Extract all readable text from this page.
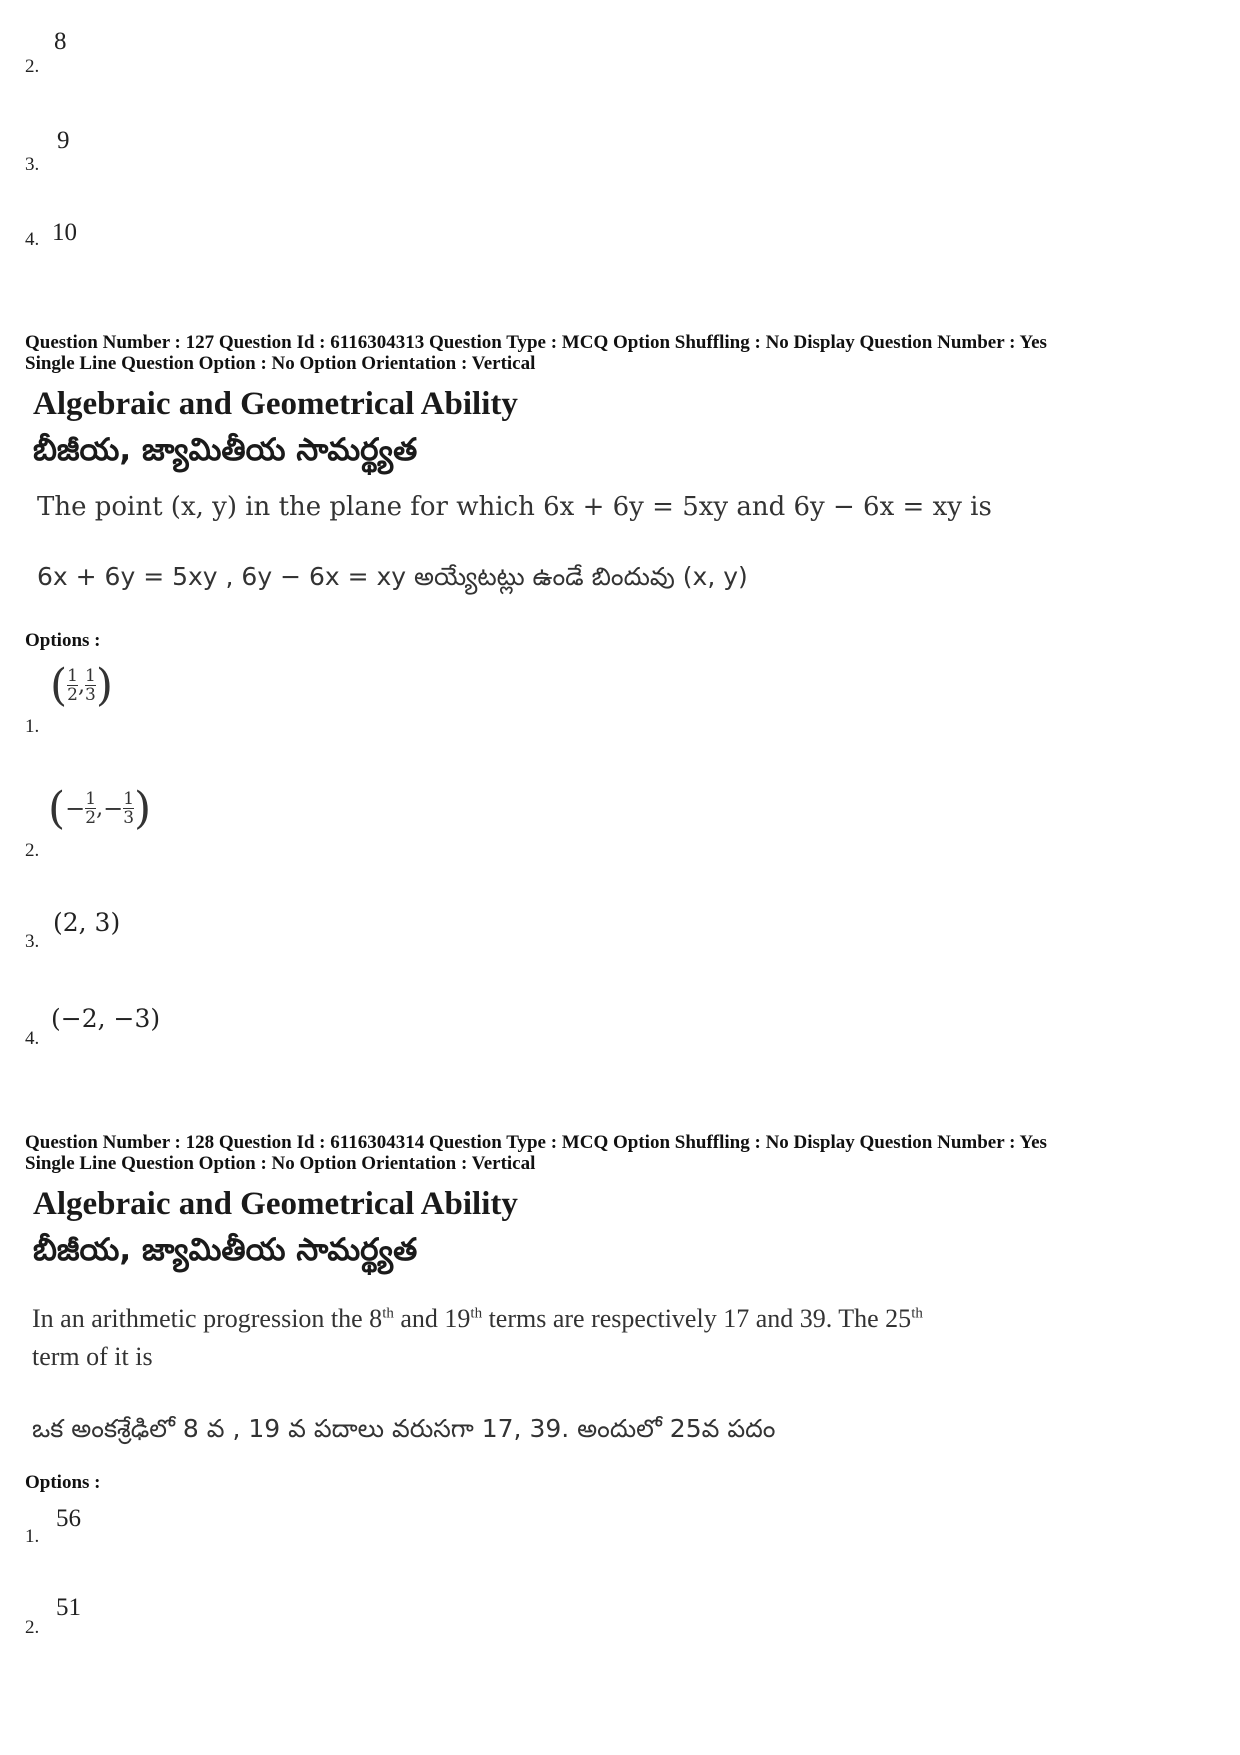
2.
8
3.
9
4. 10
Question Number : 127 Question Id : 6116304313 Question Type : MCQ Option Shuffling : No Display Question Number : Yes
Single Line Question Option : No Option Orientation : Vertical
Algebraic and Geometrical Ability
బీజీయ, జ్యామితీయ సామర్థ్యత
The point (x, y) in the plane for which 6x + 6y = 5xy and 6y − 6x = xy is
6x + 6y = 5xy , 6y − 6x = xy అయ్యేటట్లు ఉండే బిందువు (x, y)
Options :
1.
( $\frac{1}{2}$ , $\frac{1}{3}$ )
2.
(− $\frac{1}{2}$ ,− $\frac{1}{3}$ )
3.
(2, 3)
4.
(−2, −3)
Question Number : 128 Question Id : 6116304314 Question Type : MCQ Option Shuffling : No Display Question Number : Yes
Single Line Question Option : No Option Orientation : Vertical
Algebraic and Geometrical Ability
బీజీయ, జ్యామితీయ సామర్థ్యత
In an arithmetic progression the 8th and 19th terms are respectively 17 and 39. The 25th
term of it is
ఒక అంకశ్రేఢిలో 8 వ , 19 వ పదాలు వరుసగా 17, 39. అందులో 25వ పదం
Options :
1.
56
2.
51
